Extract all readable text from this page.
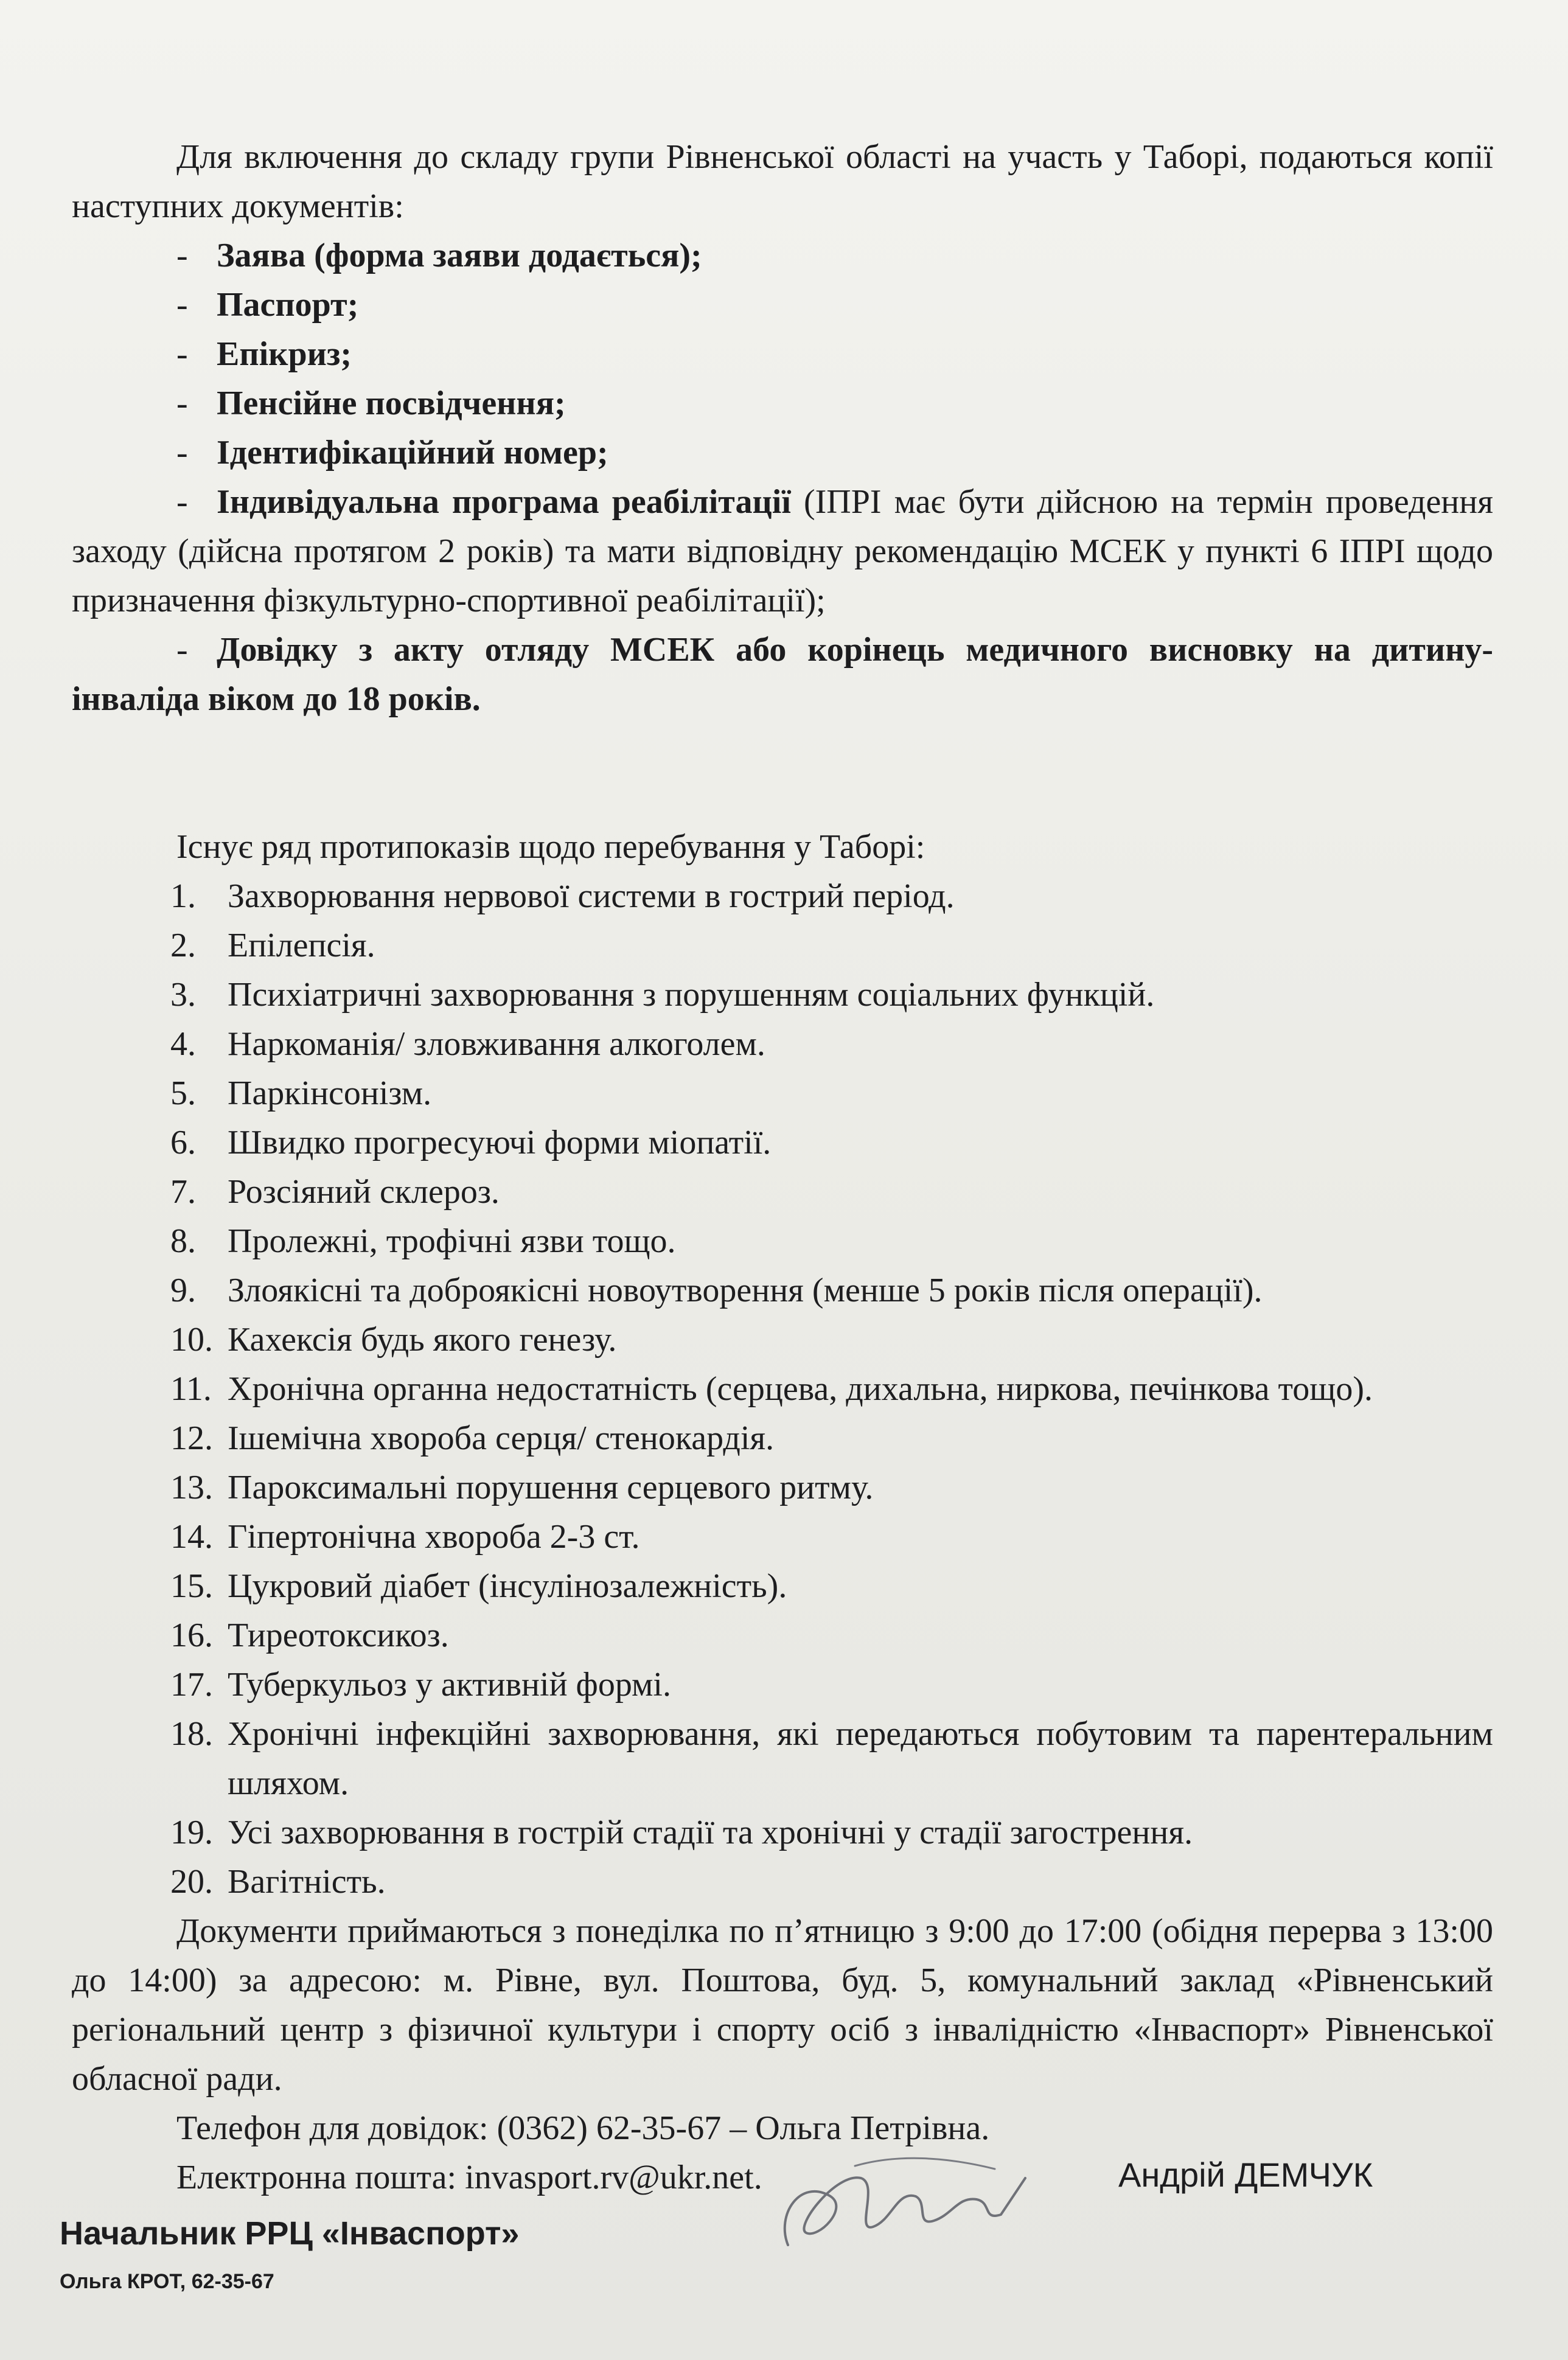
Для включення до складу групи Рівненської області на участь у Таборі, подаються копії наступних документів:

- Заява (форма заяви додається);
- Паспорт;
- Епікриз;
- Пенсійне посвідчення;
- Ідентифікаційний номер;
- Індивідуальна програма реабілітації (ІПРІ має бути дійсною на термін проведення заходу (дійсна протягом 2 років) та мати відповідну рекомендацію МСЕК у пункті 6 ІПРІ щодо призначення фізкультурно-спортивної реабілітації);
- Довідку з акту отляду МСЕК або корінець медичного висновку на дитину-інваліда віком до 18 років.

Існує ряд протипоказів щодо перебування у Таборі:

1. Захворювання нервової системи в гострий період.
2. Епілепсія.
3. Психіатричні захворювання з порушенням соціальних функцій.
4. Наркоманія/ зловживання алкоголем.
5. Паркінсонізм.
6. Швидко прогресуючі форми міопатії.
7. Розсіяний склероз.
8. Пролежні, трофічні язви тощо.
9. Злоякісні та доброякісні новоутворення (менше 5 років після операції).
10. Кахексія будь якого генезу.
11. Хронічна органна недостатність (серцева, дихальна, ниркова, печінкова тощо).
12. Ішемічна хвороба серця/ стенокардія.
13. Пароксимальні порушення серцевого ритму.
14. Гіпертонічна хвороба 2-3 ст.
15. Цукровий діабет (інсулінозалежність).
16. Тиреотоксикоз.
17. Туберкульоз у активній формі.
18. Хронічні інфекційні захворювання, які передаються побутовим та парентеральним шляхом.
19. Усі захворювання в гострій стадії та хронічні у стадії загострення.
20. Вагітність.

Документи приймаються з понеділка по п’ятницю з 9:00 до 17:00 (обідня перерва з 13:00 до 14:00) за адресою: м. Рівне, вул. Поштова, буд. 5, комунальний заклад «Рівненський регіональний центр з фізичної культури і спорту осіб з інвалідністю «Інваспорт» Рівненської обласної ради.

Телефон для довідок: (0362) 62-35-67 – Ольга Петрівна.

Електронна пошта: invasport.rv@ukr.net.	Андрій ДЕМЧУК
Начальник РРЦ «Інваспорт»
Ольга КРОТ, 62-35-67
